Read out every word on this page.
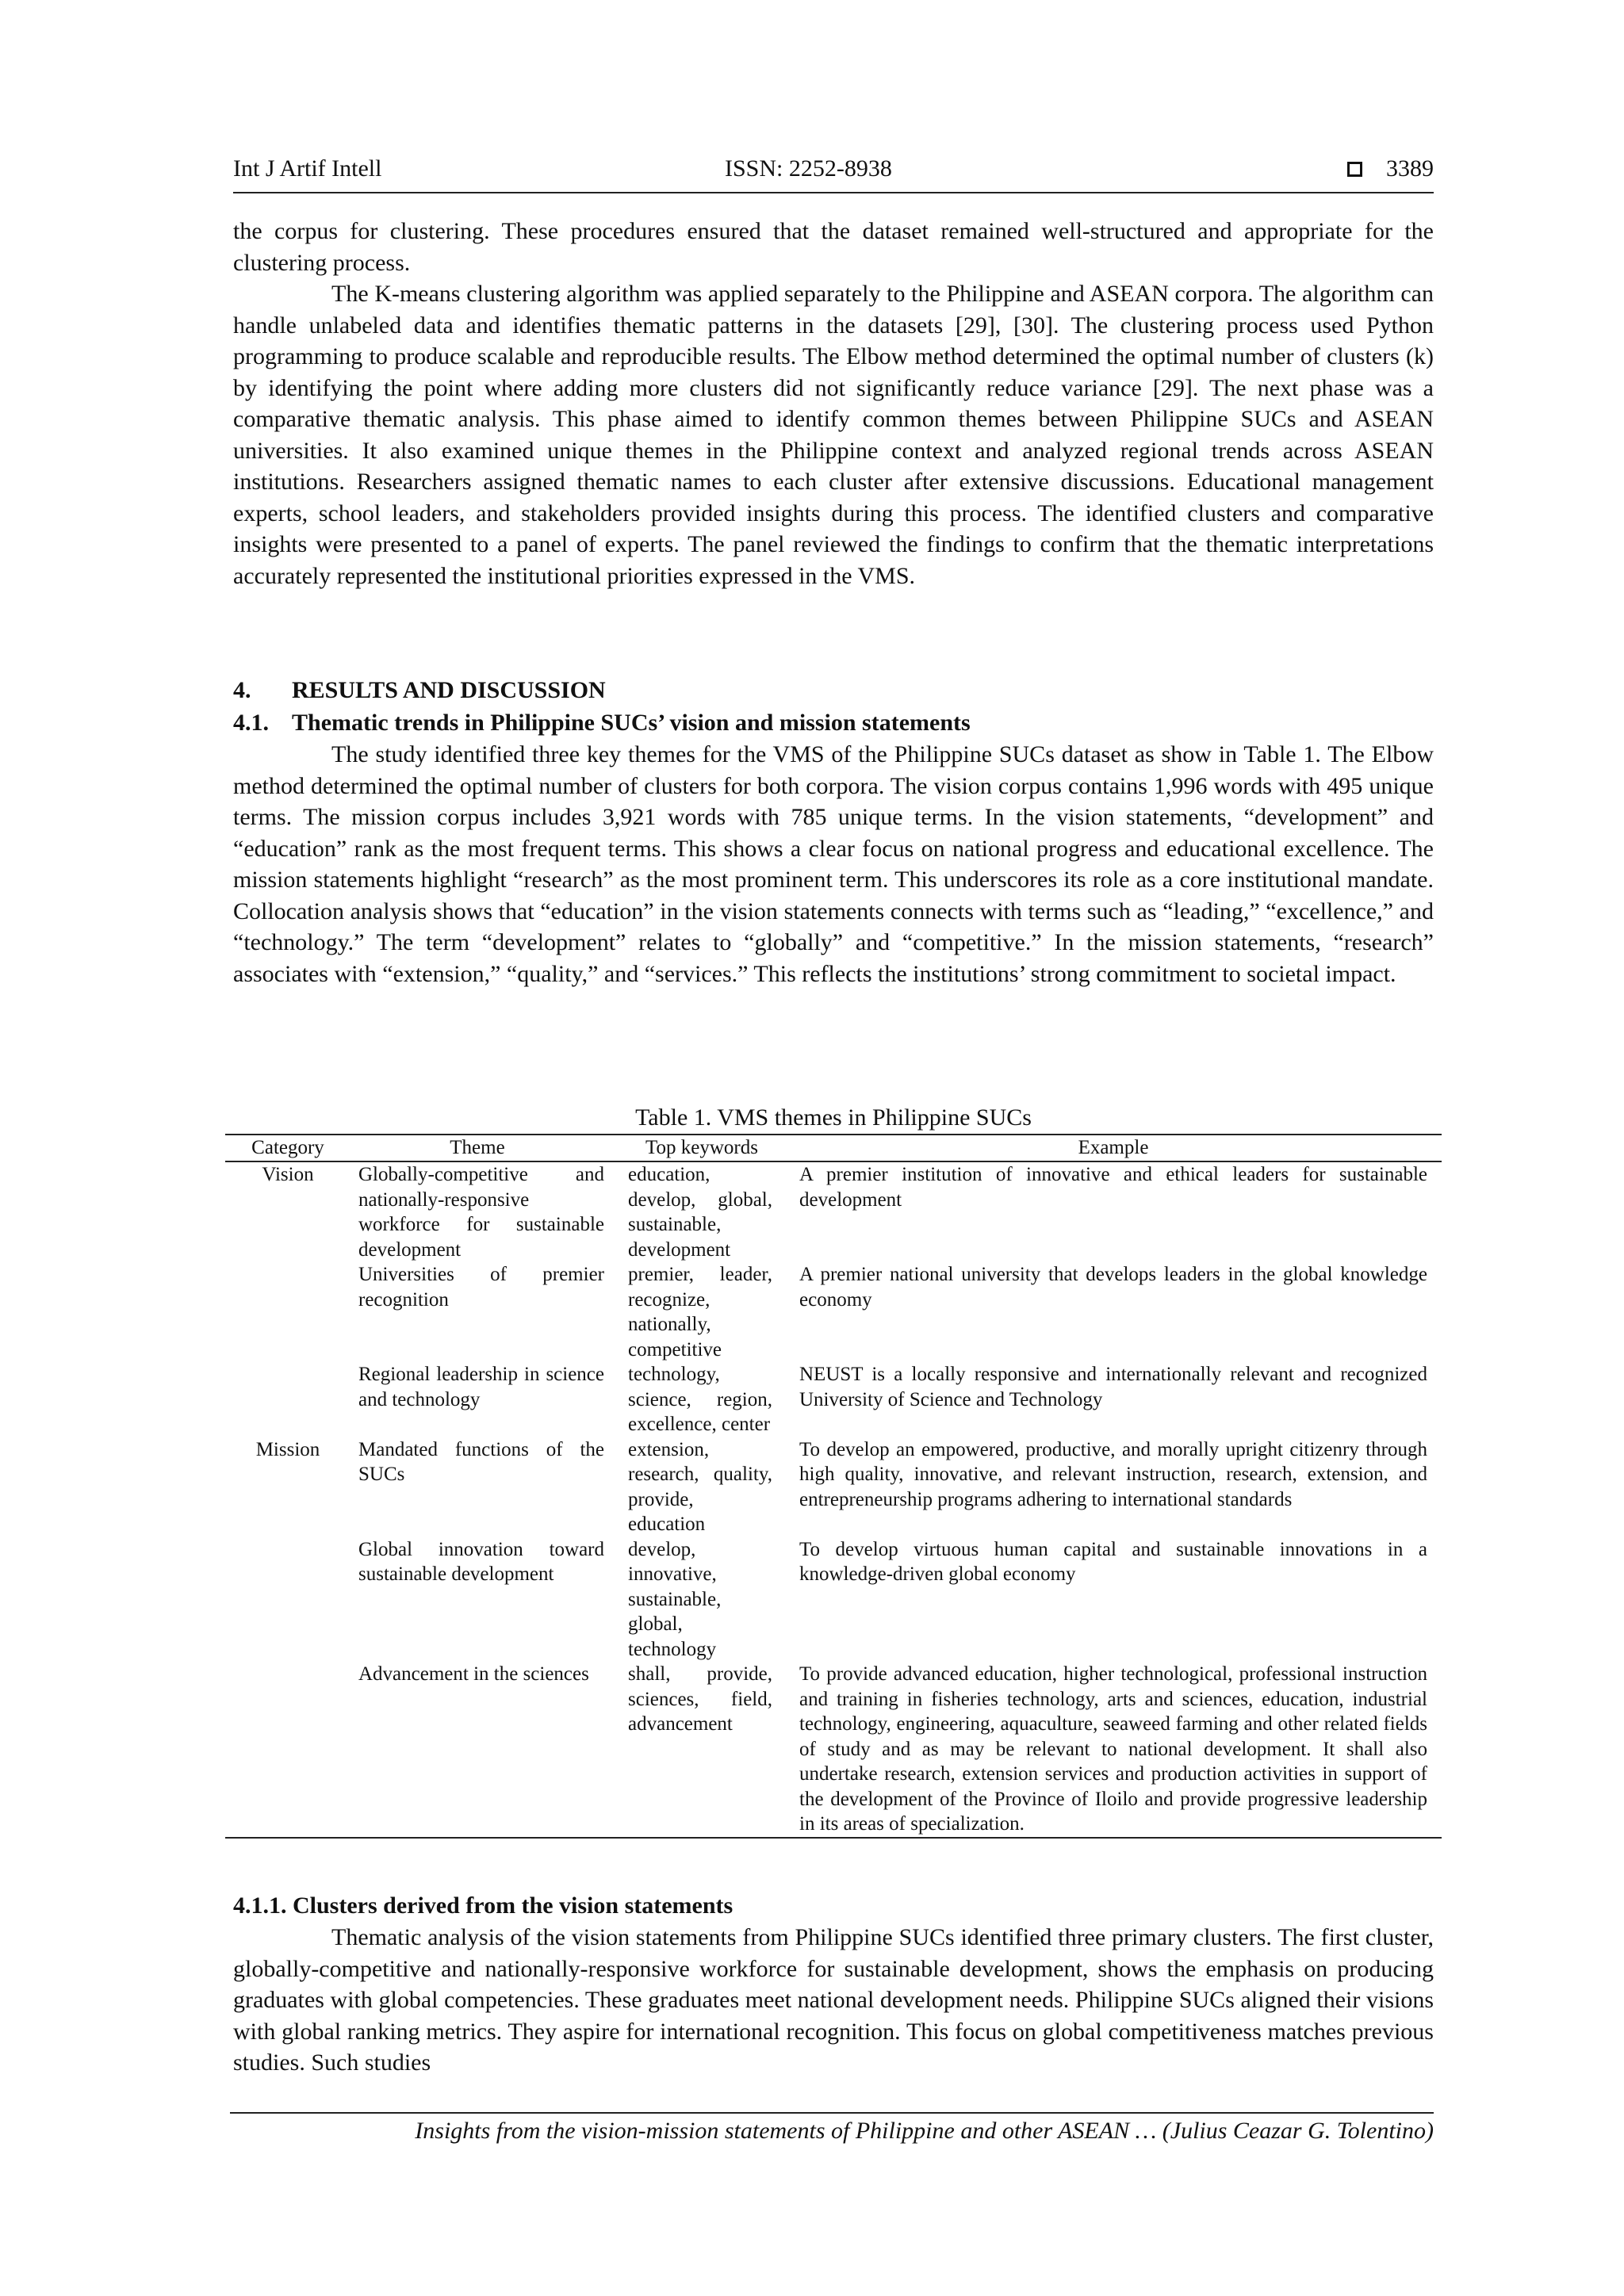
Int J Artif Intell	ISSN: 2252-8938	3389

the corpus for clustering. These procedures ensured that the dataset remained well-structured and appropriate for the clustering process.

The K-means clustering algorithm was applied separately to the Philippine and ASEAN corpora. The algorithm can handle unlabeled data and identifies thematic patterns in the datasets [29], [30]. The clustering process used Python programming to produce scalable and reproducible results. The Elbow method determined the optimal number of clusters (k) by identifying the point where adding more clusters did not significantly reduce variance [29]. The next phase was a comparative thematic analysis. This phase aimed to identify common themes between Philippine SUCs and ASEAN universities. It also examined unique themes in the Philippine context and analyzed regional trends across ASEAN institutions. Researchers assigned thematic names to each cluster after extensive discussions. Educational management experts, school leaders, and stakeholders provided insights during this process. The identified clusters and comparative insights were presented to a panel of experts. The panel reviewed the findings to confirm that the thematic interpretations accurately represented the institutional priorities expressed in the VMS.

4. RESULTS AND DISCUSSION
4.1. Thematic trends in Philippine SUCs’ vision and mission statements

The study identified three key themes for the VMS of the Philippine SUCs dataset as show in Table 1. The Elbow method determined the optimal number of clusters for both corpora. The vision corpus contains 1,996 words with 495 unique terms. The mission corpus includes 3,921 words with 785 unique terms. In the vision statements, “development” and “education” rank as the most frequent terms. This shows a clear focus on national progress and educational excellence. The mission statements highlight “research” as the most prominent term. This underscores its role as a core institutional mandate. Collocation analysis shows that “education” in the vision statements connects with terms such as “leading,” “excellence,” and “technology.” The term “development” relates to “globally” and “competitive.” In the mission statements, “research” associates with “extension,” “quality,” and “services.” This reflects the institutions’ strong commitment to societal impact.

Table 1. VMS themes in Philippine SUCs
Category	Theme	Top keywords	Example
Vision	Globally-competitive and nationally-responsive workforce for sustainable development	education, develop, global, sustainable, development	A premier institution of innovative and ethical leaders for sustainable development
	Universities of premier recognition	premier, leader, recognize, nationally, competitive	A premier national university that develops leaders in the global knowledge economy
	Regional leadership in science and technology	technology, science, region, excellence, center	NEUST is a locally responsive and internationally relevant and recognized University of Science and Technology
Mission	Mandated functions of the SUCs	extension, research, quality, provide, education	To develop an empowered, productive, and morally upright citizenry through high quality, innovative, and relevant instruction, research, extension, and entrepreneurship programs adhering to international standards
	Global innovation toward sustainable development	develop, innovative, sustainable, global, technology	To develop virtuous human capital and sustainable innovations in a knowledge-driven global economy
	Advancement in the sciences	shall, provide, sciences, field, advancement	To provide advanced education, higher technological, professional instruction and training in fisheries technology, arts and sciences, education, industrial technology, engineering, aquaculture, seaweed farming and other related fields of study and as may be relevant to national development. It shall also undertake research, extension services and production activities in support of the development of the Province of Iloilo and provide progressive leadership in its areas of specialization.
4.1.1. Clusters derived from the vision statements

Thematic analysis of the vision statements from Philippine SUCs identified three primary clusters. The first cluster, globally-competitive and nationally-responsive workforce for sustainable development, shows the emphasis on producing graduates with global competencies. These graduates meet national development needs. Philippine SUCs aligned their visions with global ranking metrics. They aspire for international recognition. This focus on global competitiveness matches previous studies. Such studies

Insights from the vision-mission statements of Philippine and other ASEAN … (Julius Ceazar G. Tolentino)
